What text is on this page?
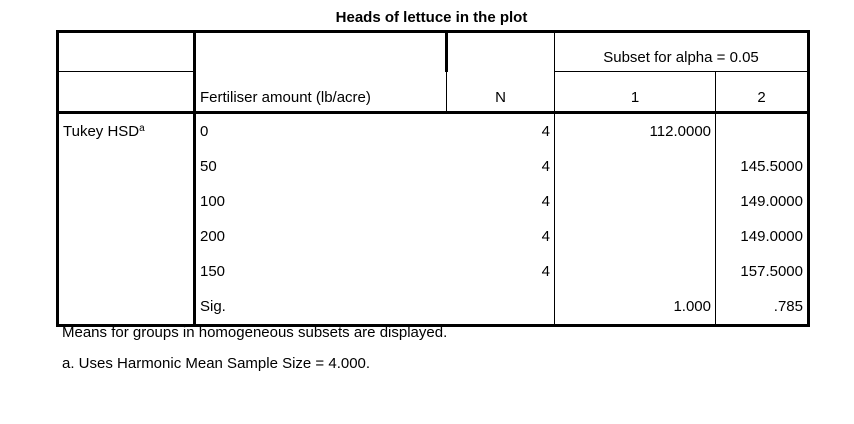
Heads of lettuce in the plot
			Subset for alpha = 0.05	
	Fertiliser amount (lb/acre)	N	1	2
Tukey HSD$^a$	0	4	112.0000	
	50	4		145.5000
	100	4		149.0000
	200	4		149.0000
	150	4		157.5000
	Sig.		1.000	.785
Means for groups in homogeneous subsets are displayed.
a. Uses Harmonic Mean Sample Size = 4.000.
